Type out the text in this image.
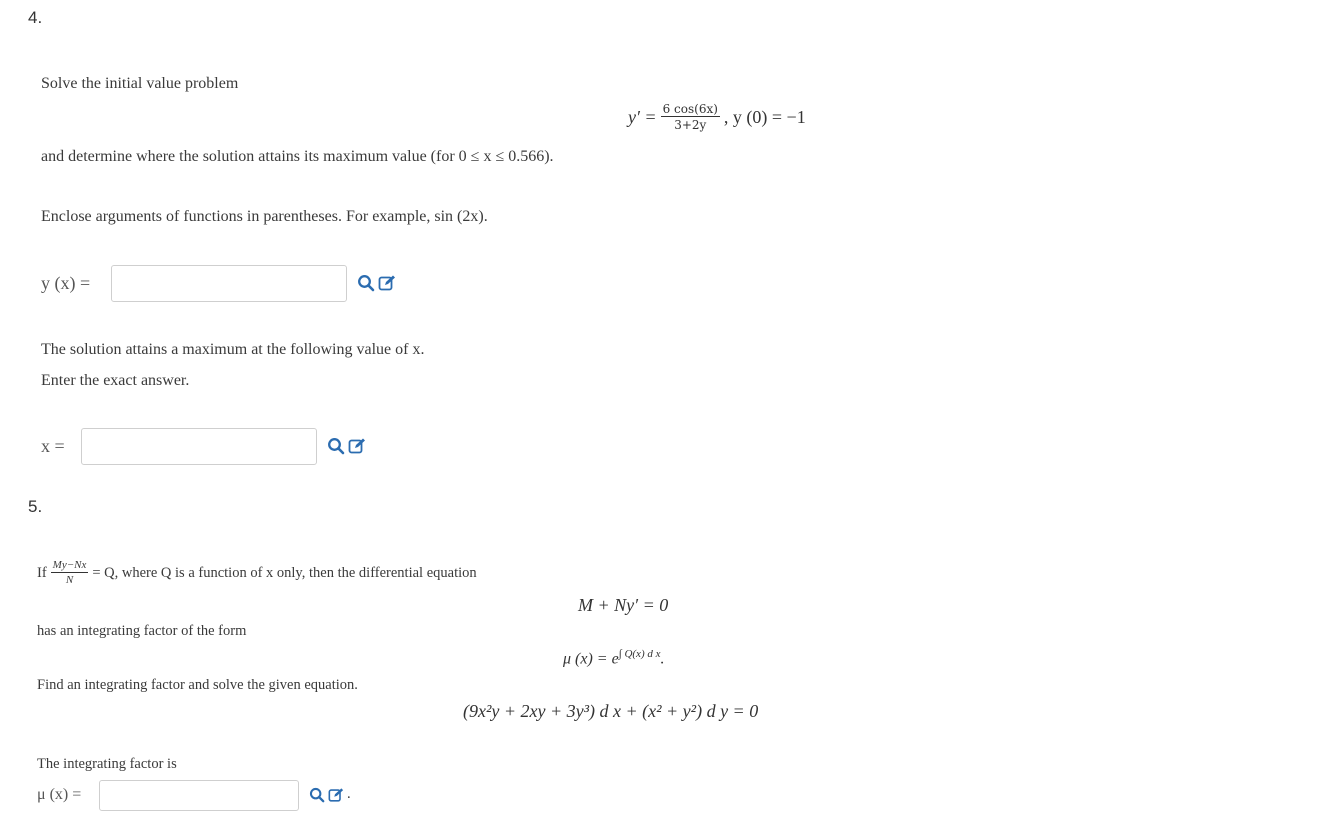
4.
Solve the initial value problem
$y' = \frac{6 \cos(6x)}{3+2y}$ , y (0) = −1
and determine where the solution attains its maximum value (for 0 ≤ x ≤ 0.566).
Enclose arguments of functions in parentheses. For example, sin (2x).
y (x) =
The solution attains a maximum at the following value of x.
Enter the exact answer.
x =
5.
If $\frac{My-Nx}{N} = Q$, where Q is a function of x only, then the differential equation
M + Ny′ = 0
has an integrating factor of the form
μ $(x) = e^{\int Q(x) d x}$.
Find an integrating factor and solve the given equation.
(9x²y + 2xy + 3y³) d x + (x² + y²) d y = 0
The integrating factor is
μ (x) =	.
